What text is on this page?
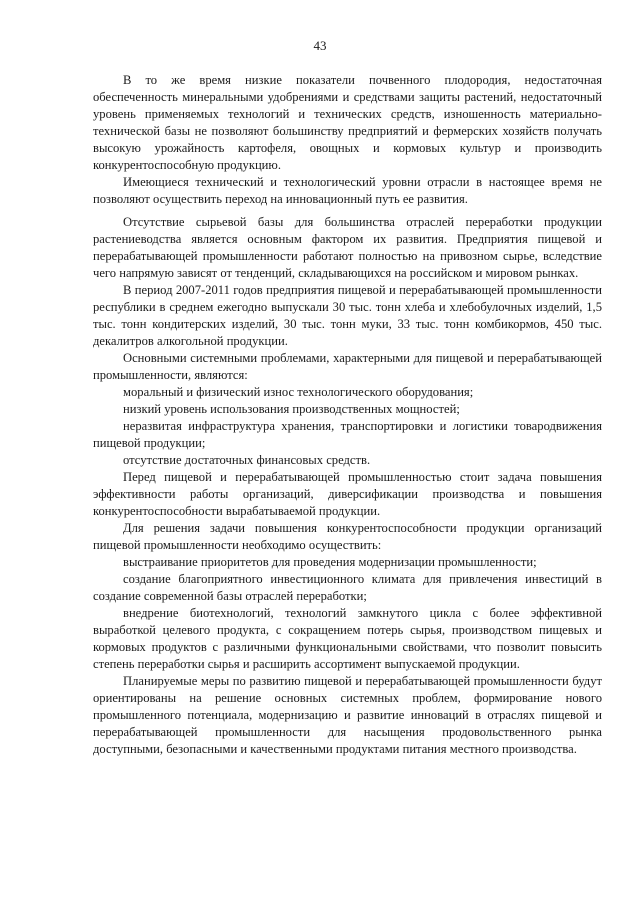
43

В то же время низкие показатели почвенного плодородия, недостаточная обеспеченность минеральными удобрениями и средствами защиты растений, недостаточный уровень применяемых технологий и технических средств, изношенность материально-технической базы не позволяют большинству предприятий и фермерских хозяйств получать высокую урожайность картофеля, овощных и кормовых культур и производить конкурентоспособную продукцию.

Имеющиеся технический и технологический уровни отрасли в настоящее время не позволяют осуществить переход на инновационный путь ее развития.

Отсутствие сырьевой базы для большинства отраслей переработки продукции растениеводства является основным фактором их развития. Предприятия пищевой и перерабатывающей промышленности работают полностью на привозном сырье, вследствие чего напрямую зависят от тенденций, складывающихся на российском и мировом рынках.

В период 2007-2011 годов предприятия пищевой и перерабатывающей промышленности республики в среднем ежегодно выпускали 30 тыс. тонн хлеба и хлебобулочных изделий, 1,5 тыс. тонн кондитерских изделий, 30 тыс. тонн муки, 33 тыс. тонн комбикормов, 450 тыс. декалитров алкогольной продукции.

Основными системными проблемами, характерными для пищевой и перерабатывающей промышленности, являются:

моральный и физический износ технологического оборудования;

низкий уровень использования производственных мощностей;

неразвитая инфраструктура хранения, транспортировки и логистики товародвижения пищевой продукции;

отсутствие достаточных финансовых средств.

Перед пищевой и перерабатывающей промышленностью стоит задача повышения эффективности работы организаций, диверсификации производства и повышения конкурентоспособности вырабатываемой продукции.

Для решения задачи повышения конкурентоспособности продукции организаций пищевой промышленности необходимо осуществить:

выстраивание приоритетов для проведения модернизации промышленности;

создание благоприятного инвестиционного климата для привлечения инвестиций в создание современной базы отраслей переработки;

внедрение биотехнологий, технологий замкнутого цикла с более эффективной выработкой целевого продукта, с сокращением потерь сырья, производством пищевых и кормовых продуктов с различными функциональными свойствами, что позволит повысить степень переработки сырья и расширить ассортимент выпускаемой продукции.

Планируемые меры по развитию пищевой и перерабатывающей промышленности будут ориентированы на решение основных системных проблем, формирование нового промышленного потенциала, модернизацию и развитие инноваций в отраслях пищевой и перерабатывающей промышленности для насыщения продовольственного рынка доступными, безопасными и качественными продуктами питания местного производства.
